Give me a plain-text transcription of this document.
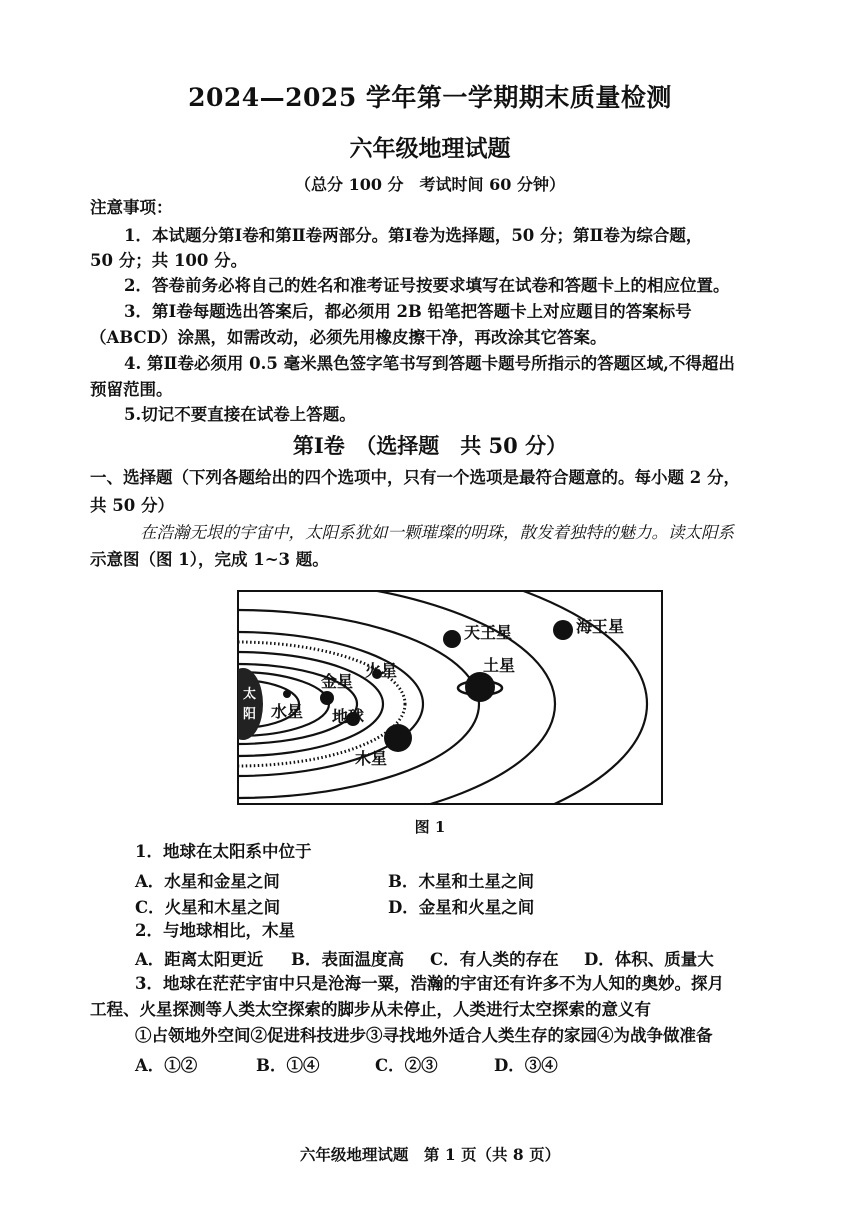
2024—2025 学年第一学期期末质量检测
六年级地理试题
（总分 100 分　考试时间 60 分钟）
注意事项：
1．本试题分第Ⅰ卷和第Ⅱ卷两部分。第Ⅰ卷为选择题，50 分；第Ⅱ卷为综合题，
50 分；共 100 分。
2．答卷前务必将自己的姓名和准考证号按要求填写在试卷和答题卡上的相应位置。
3．第Ⅰ卷每题选出答案后，都必须用 2B 铅笔把答题卡上对应题目的答案标号
（ABCD）涂黑，如需改动，必须先用橡皮擦干净，再改涂其它答案。
4. 第Ⅱ卷必须用 0.5 毫米黑色签字笔书写到答题卡题号所指示的答题区域,不得超出
预留范围。
5.切记不要直接在试卷上答题。
第Ⅰ卷　（选择题　共 50 分）
一、选择题（下列各题给出的四个选项中，只有一个选项是最符合题意的。每小题 2 分，
共 50 分）
在浩瀚无垠的宇宙中，太阳系犹如一颗璀璨的明珠，散发着独特的魅力。读太阳系
示意图（图 1），完成 1~3 题。
太
阳 水星
金星
地球
火星
木星
土星
天王星	海王星
图 1
1．地球在太阳系中位于
A．水星和金星之间	B．木星和土星之间
C．火星和木星之间	D．金星和火星之间
2．与地球相比，木星
A．距离太阳更近 B．表面温度高 C．有人类的存在 D．体积、质量大
3．地球在茫茫宇宙中只是沧海一粟，浩瀚的宇宙还有许多不为人知的奥妙。探月
工程、火星探测等人类太空探索的脚步从未停止，人类进行太空探索的意义有
①占领地外空间②促进科技进步③寻找地外适合人类生存的家园④为战争做准备
A．①②	B．①④	C．②③	D．③④
六年级地理试题　第 1 页（共 8 页）
